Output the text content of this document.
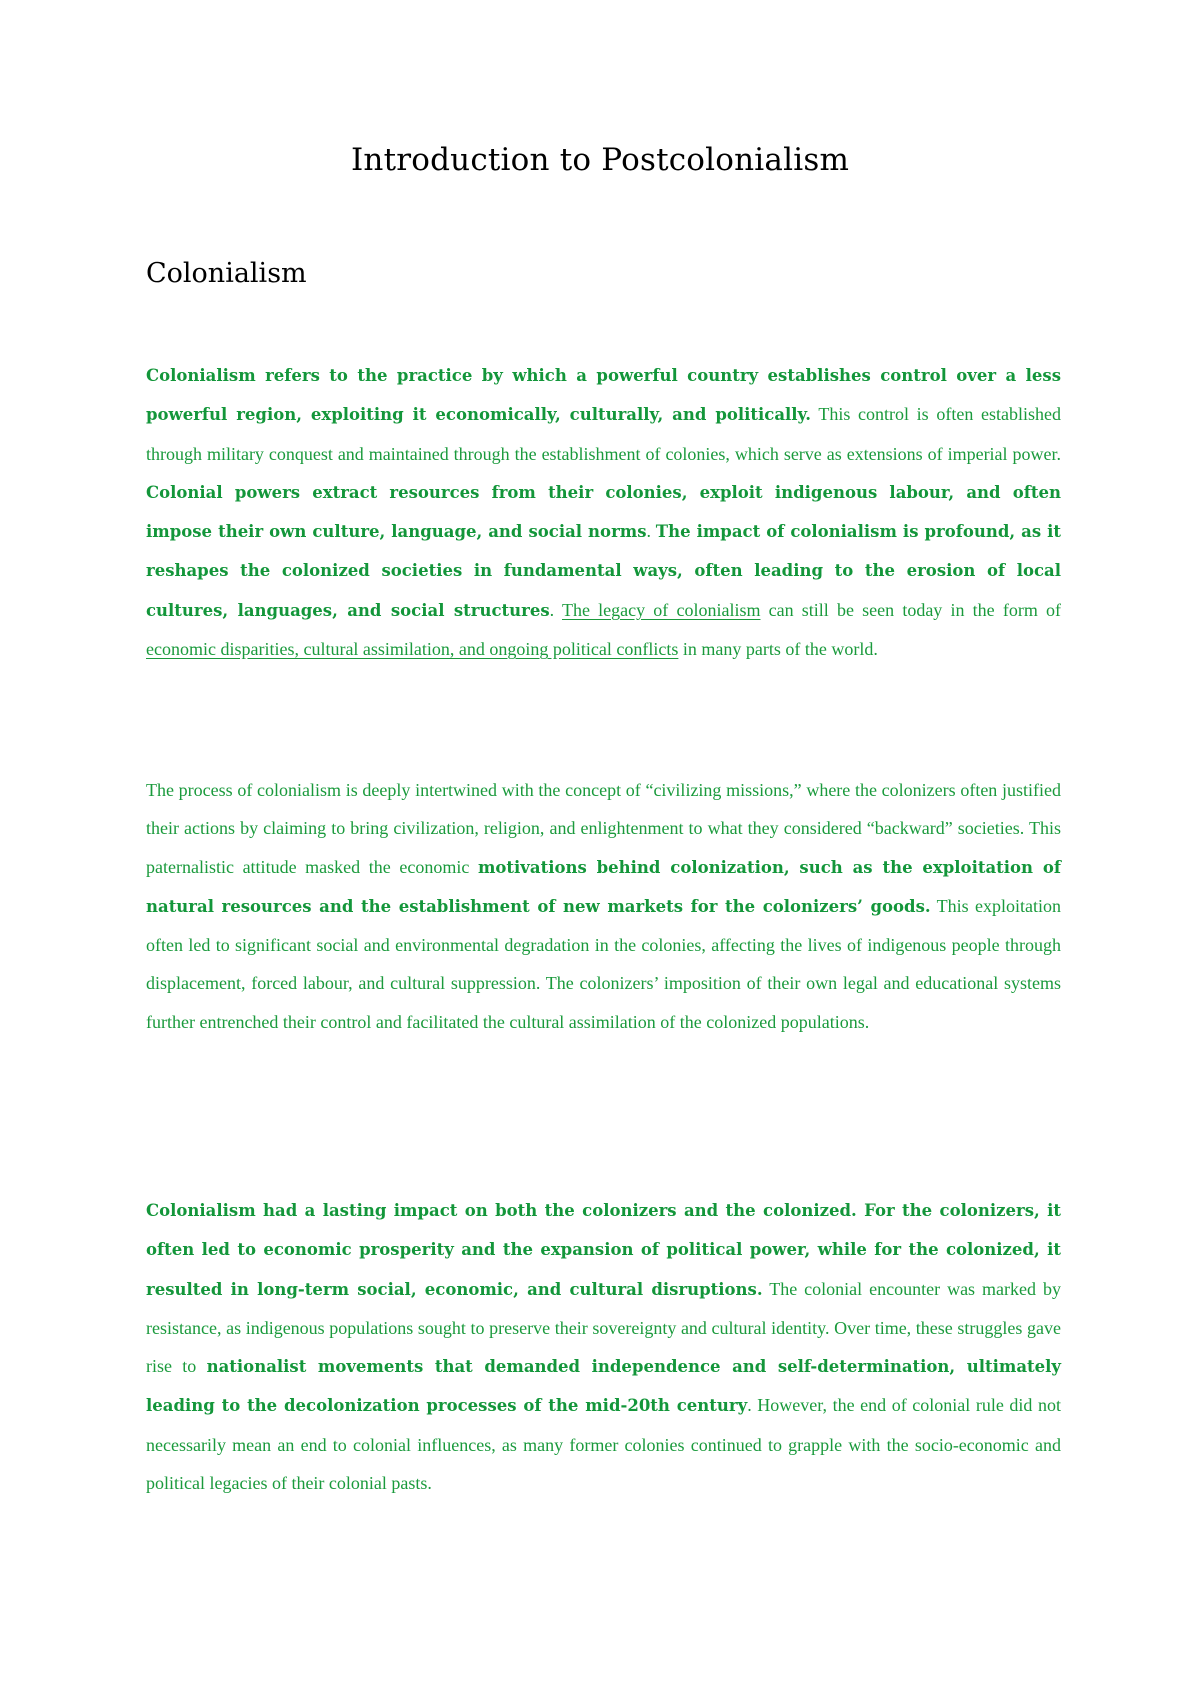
Introduction to Postcolonialism
Colonialism

Colonialism refers to the practice by which a powerful country establishes control over a less powerful region, exploiting it economically, culturally, and politically. This control is often established through military conquest and maintained through the establishment of colonies, which serve as extensions of imperial power. Colonial powers extract resources from their colonies, exploit indigenous labour, and often impose their own culture, language, and social norms. The impact of colonialism is profound, as it reshapes the colonized societies in fundamental ways, often leading to the erosion of local cultures, languages, and social structures. The legacy of colonialism can still be seen today in the form of economic disparities, cultural assimilation, and ongoing political conflicts in many parts of the world.

The process of colonialism is deeply intertwined with the concept of “civilizing missions,” where the colonizers often justified their actions by claiming to bring civilization, religion, and enlightenment to what they considered “backward” societies. This paternalistic attitude masked the economic motivations behind colonization, such as the exploitation of natural resources and the establishment of new markets for the colonizers’ goods. This exploitation often led to significant social and environmental degradation in the colonies, affecting the lives of indigenous people through displacement, forced labour, and cultural suppression. The colonizers’ imposition of their own legal and educational systems further entrenched their control and facilitated the cultural assimilation of the colonized populations.

Colonialism had a lasting impact on both the colonizers and the colonized. For the colonizers, it often led to economic prosperity and the expansion of political power, while for the colonized, it resulted in long-term social, economic, and cultural disruptions. The colonial encounter was marked by resistance, as indigenous populations sought to preserve their sovereignty and cultural identity. Over time, these struggles gave rise to nationalist movements that demanded independence and self-determination, ultimately leading to the decolonization processes of the mid-20th century. However, the end of colonial rule did not necessarily mean an end to colonial influences, as many former colonies continued to grapple with the socio-economic and political legacies of their colonial pasts.
